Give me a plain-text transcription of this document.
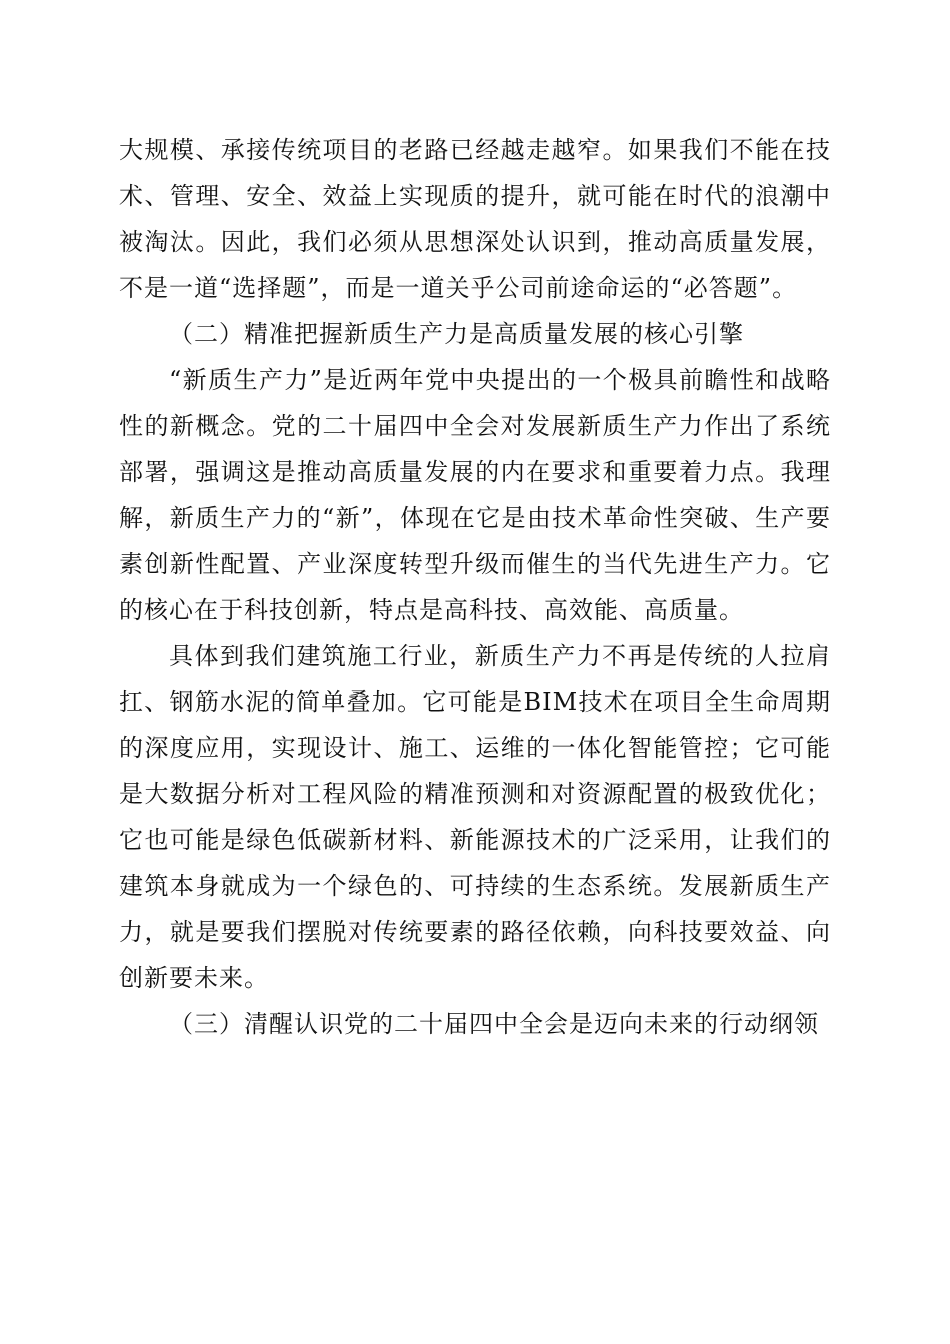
大规模、承接传统项目的老路已经越走越窄。如果我们不能在技术、管理、安全、效益上实现质的提升，就可能在时代的浪潮中被淘汰。因此，我们必须从思想深处认识到，推动高质量发展，不是一道“选择题”，而是一道关乎公司前途命运的“必答题”。

（二）精准把握新质生产力是高质量发展的核心引擎

“新质生产力”是近两年党中央提出的一个极具前瞻性和战略性的新概念。党的二十届四中全会对发展新质生产力作出了系统部署，强调这是推动高质量发展的内在要求和重要着力点。我理解，新质生产力的“新”，体现在它是由技术革命性突破、生产要素创新性配置、产业深度转型升级而催生的当代先进生产力。它的核心在于科技创新，特点是高科技、高效能、高质量。

具体到我们建筑施工行业，新质生产力不再是传统的人拉肩扛、钢筋水泥的简单叠加。它可能是BIM技术在项目全生命周期的深度应用，实现设计、施工、运维的一体化智能管控；它可能是大数据分析对工程风险的精准预测和对资源配置的极致优化；它也可能是绿色低碳新材料、新能源技术的广泛采用，让我们的建筑本身就成为一个绿色的、可持续的生态系统。发展新质生产力，就是要我们摆脱对传统要素的路径依赖，向科技要效益、向创新要未来。

（三）清醒认识党的二十届四中全会是迈向未来的行动纲领
